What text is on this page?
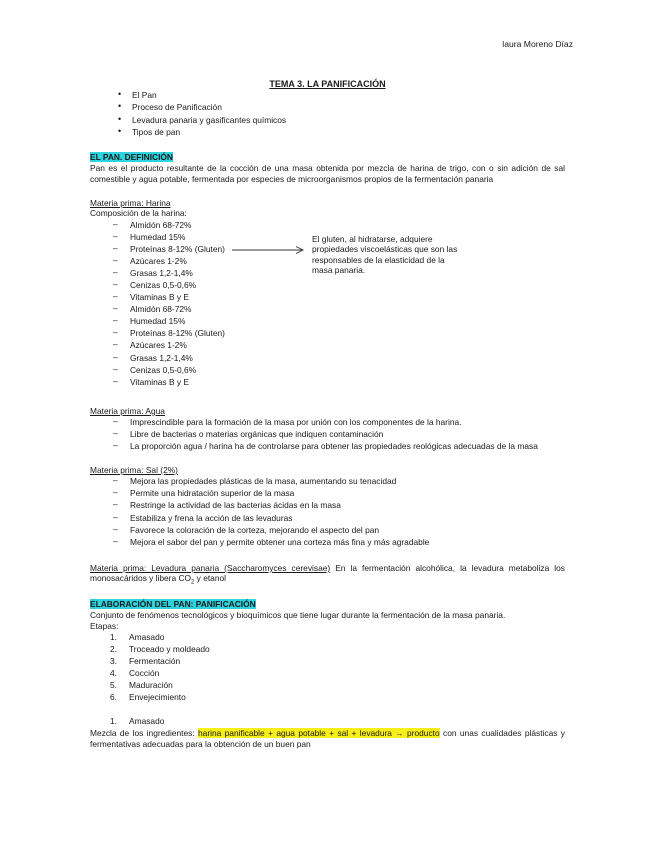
laura Moreno Díaz
TEMA 3. LA PANIFICACIÓN
• El Pan
• Proceso de Panificación
• Levadura panaria y gasificantes químicos
• Tipos de pan
EL PAN. DEFINICIÓN
Pan es el producto resultante de la cocción de una masa obtenida por mezcla de harina de trigo, con o sin adición de sal comestible y agua potable, fermentada por especies de microorganismos propios de la fermentación panaria
Materia prima: Harina
Composición de la harina:
– Almidón 68-72%
– Humedad 15%
– Proteínas 8-12% (Gluten)
– Azúcares 1-2%
– Grasas 1,2-1,4%
– Cenizas 0,5-0,6%
– Vitaminas B y E
– Almidón 68-72%
– Humedad 15%
– Proteínas 8-12% (Gluten)
– Azúcares 1-2%
– Grasas 1,2-1,4%
– Cenizas 0,5-0,6%
– Vitaminas B y E
El gluten, al hidratarse, adquiere propiedades viscoelásticas que son las responsables de la elasticidad de la masa panaria.
Materia prima: Agua
– Imprescindible para la formación de la masa por unión con los componentes de la harina.
– Libre de bacterias o materias orgánicas que indiquen contaminación
– La proporción agua / harina ha de controlarse para obtener las propiedades reológicas adecuadas de la masa
Materia prima: Sal (2%)
– Mejora las propiedades plásticas de la masa, aumentando su tenacidad
– Permite una hidratación superior de la masa
– Restringe la actividad de las bacterias ácidas en la masa
– Estabiliza y frena la acción de las levaduras
– Favorece la coloración de la corteza, mejorando el aspecto del pan
– Mejora el sabor del pan y permite obtener una corteza más fina y más agradable
Materia prima: Levadura panaria (Saccharomyces cerevisae) En la fermentación alcohólica, la levadura metaboliza los monosacáridos y libera $CO_2$ y etanol
ELABORACIÓN DEL PAN: PANIFICACIÓN
Conjunto de fenómenos tecnológicos y bioquímicos que tiene lugar durante la fermentación de la masa panaria.
Etapas:
1. Amasado
2. Troceado y moldeado
3. Fermentación
4. Cocción
5. Maduración
6. Envejecimiento
1. Amasado
Mezcla de los ingredientes: harina panificable + agua potable + sal + levadura → producto con unas cualidades plásticas y fermentativas adecuadas para la obtención de un buen pan
